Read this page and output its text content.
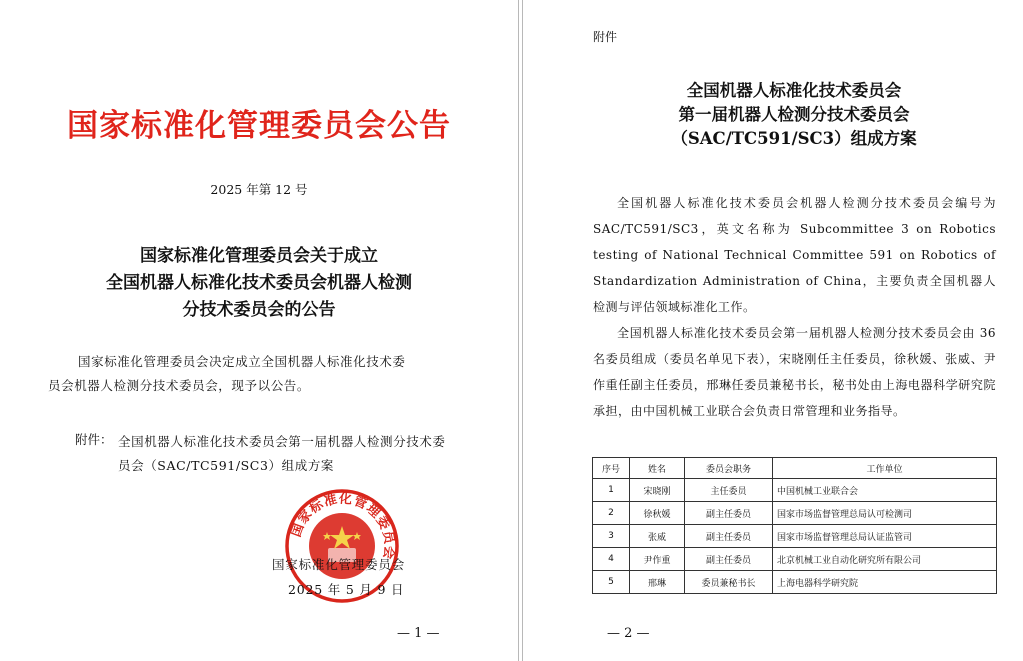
国家标准化管理委员会公告
2025 年第 12 号
国家标准化管理委员会关于成立
全国机器人标准化技术委员会机器人检测
分技术委员会的公告
国家标准化管理委员会决定成立全国机器人标准化技术委
员会机器人检测分技术委员会，现予以公告。
附件： 全国机器人标准化技术委员会第一届机器人检测分技术委员会（SAC/TC591/SC3）组成方案
国家标准化管理委员会
国家标准化管理委员会
2025 年 5 月 9 日
— 1 —
附件
全国机器人标准化技术委员会
第一届机器人检测分技术委员会
（SAC/TC591/SC3）组成方案
全国机器人标准化技术委员会机器人检测分技术委员会编号为 SAC/TC591/SC3，英文名称为 Subcommittee 3 on Robotics testing of National Technical Committee 591 on Robotics of Standardization Administration of China，主要负责全国机器人检测与评估领域标准化工作。
全国机器人标准化技术委员会第一届机器人检测分技术委员会由 36 名委员组成（委员名单见下表），宋晓刚任主任委员，徐秋媛、张威、尹作重任副主任委员，邢琳任委员兼秘书长，秘书处由上海电器科学研究院承担，由中国机械工业联合会负责日常管理和业务指导。
序号	姓名	委员会职务	工作单位
1	宋晓刚	主任委员	中国机械工业联合会
2	徐秋媛	副主任委员	国家市场监督管理总局认可检测司
3	张威	副主任委员	国家市场监督管理总局认证监管司
4	尹作重	副主任委员	北京机械工业自动化研究所有限公司
5	邢琳	委员兼秘书长	上海电器科学研究院
— 2 —
